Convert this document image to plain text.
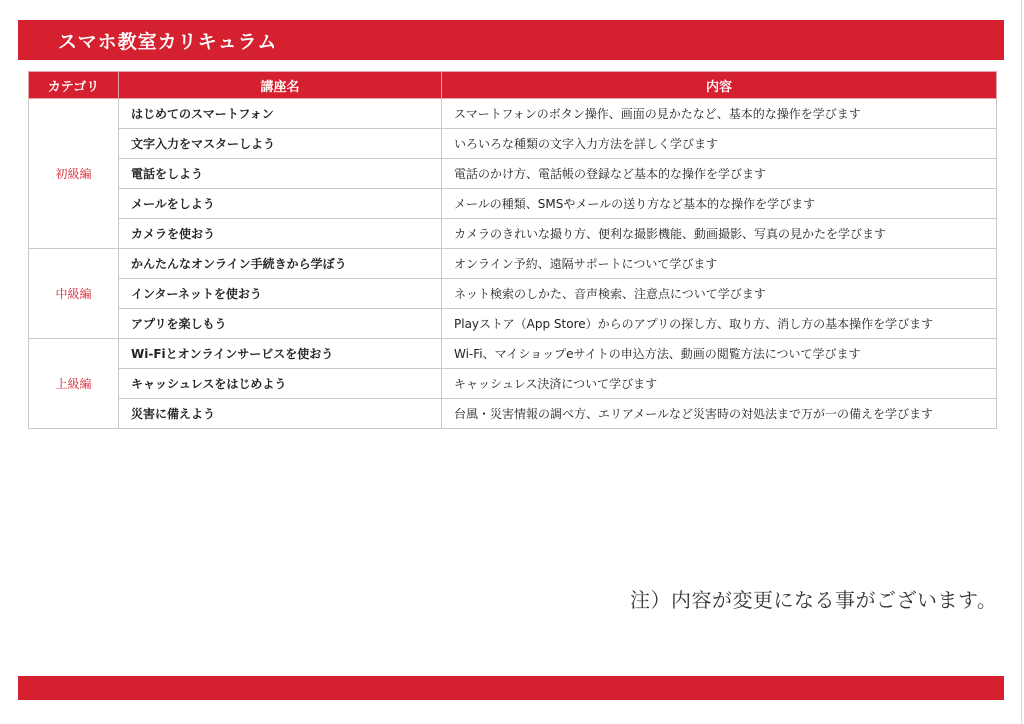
スマホ教室カリキュラム
カテゴリ	講座名	内容
初級編	はじめてのスマートフォン	スマートフォンのボタン操作、画面の見かたなど、基本的な操作を学びます
	文字入力をマスターしよう	いろいろな種類の文字入力方法を詳しく学びます
	電話をしよう	電話のかけ方、電話帳の登録など基本的な操作を学びます
	メールをしよう	メールの種類、SMSやメールの送り方など基本的な操作を学びます
	カメラを使おう	カメラのきれいな撮り方、便利な撮影機能、動画撮影、写真の見かたを学びます
中級編	かんたんなオンライン手続きから学ぼう	オンライン予約、遠隔サポートについて学びます
	インターネットを使おう	ネット検索のしかた、音声検索、注意点について学びます
	アプリを楽しもう	Playストア（App Store）からのアプリの探し方、取り方、消し方の基本操作を学びます
上級編	Wi-Fiとオンラインサービスを使おう	Wi-Fi、マイショップeサイトの申込方法、動画の閲覧方法について学びます
	キャッシュレスをはじめよう	キャッシュレス決済について学びます
	災害に備えよう	台風・災害情報の調べ方、エリアメールなど災害時の対処法まで万が一の備えを学びます
注）内容が変更になる事がございます。
